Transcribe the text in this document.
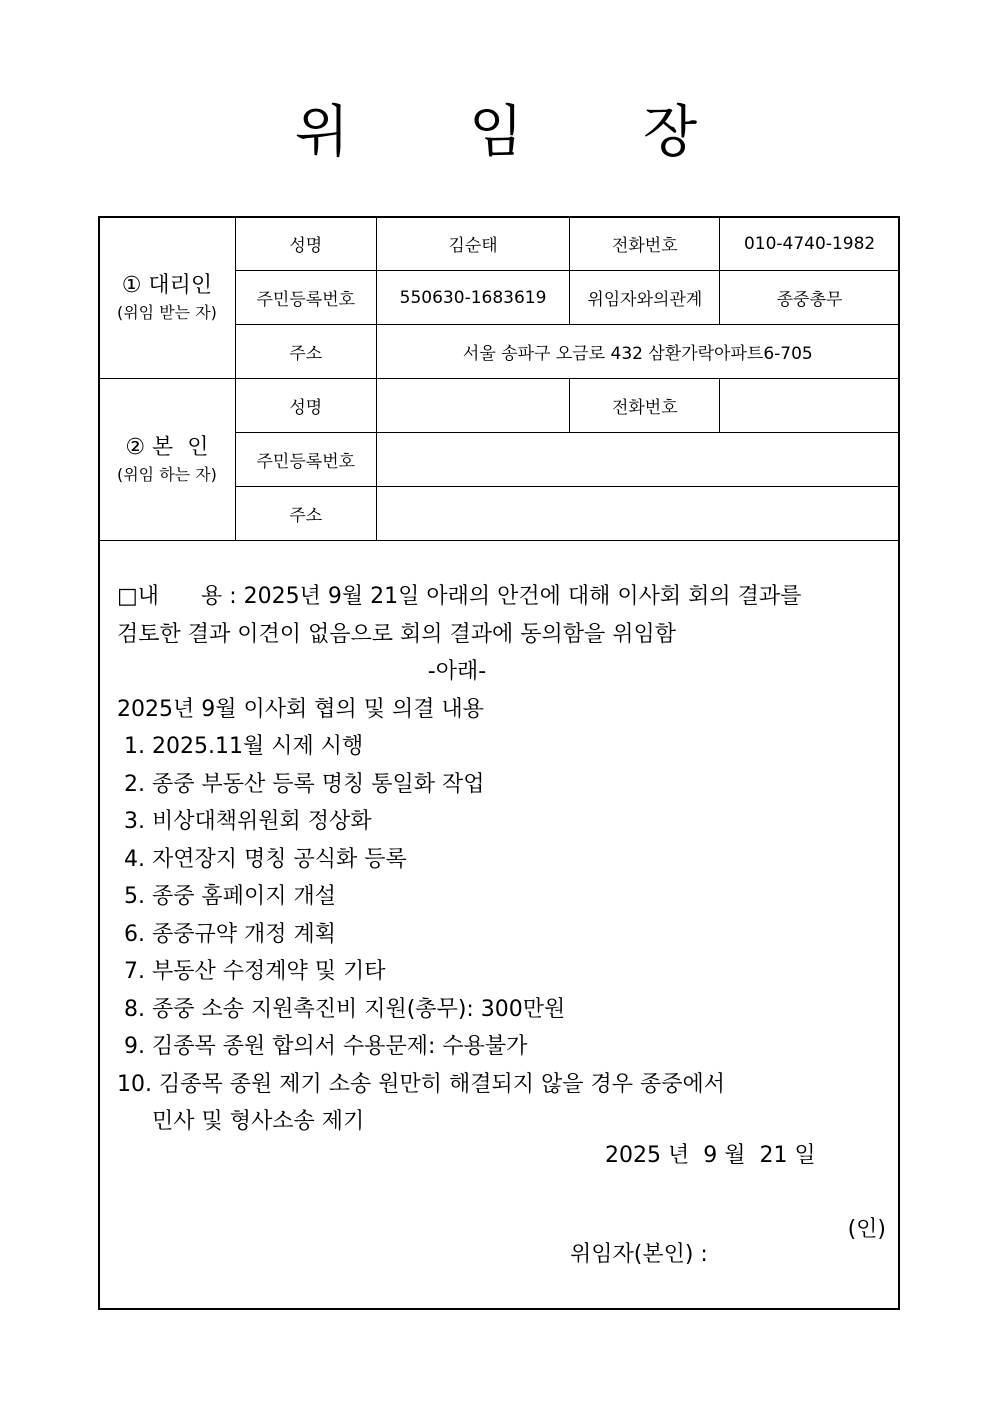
위 임 장
① 대리인
(위임 받는 자)	성명	김순태	전화번호	010-4740-1982
	주민등록번호	550630-1683619	위임자와의관계	종중총무
	주소	서울 송파구 오금로 432 삼환가락아파트6-705		

② 본  인
(위임 하는 자)	성명		전화번호	
	주민등록번호			
	주소			

□내      용 : 2025년 9월 21일 아래의 안건에 대해 이사회 회의 결과를

검토한 결과 이견이 없음으로 회의 결과에 동의함을 위임함

-아래-

2025년 9월 이사회 협의 및 의결 내용

1. 2025.11월 시제 시행

2. 종중 부동산 등록 명칭 통일화 작업

3. 비상대책위원회 정상화

4. 자연장지 명칭 공식화 등록

5. 종중 홈페이지 개설

6. 종중규약 개정 계획

7. 부동산 수정계약 및 기타

8. 종중 소송 지원촉진비 지원(총무): 300만원

9. 김종목 종원 합의서 수용문제: 수용불가

10. 김종목 종원 제기 소송 원만히 해결되지 않을 경우 종중에서

민사 및 형사소송 제기

2025 년  9 월  21 일

위임자(본인) :

(인)
